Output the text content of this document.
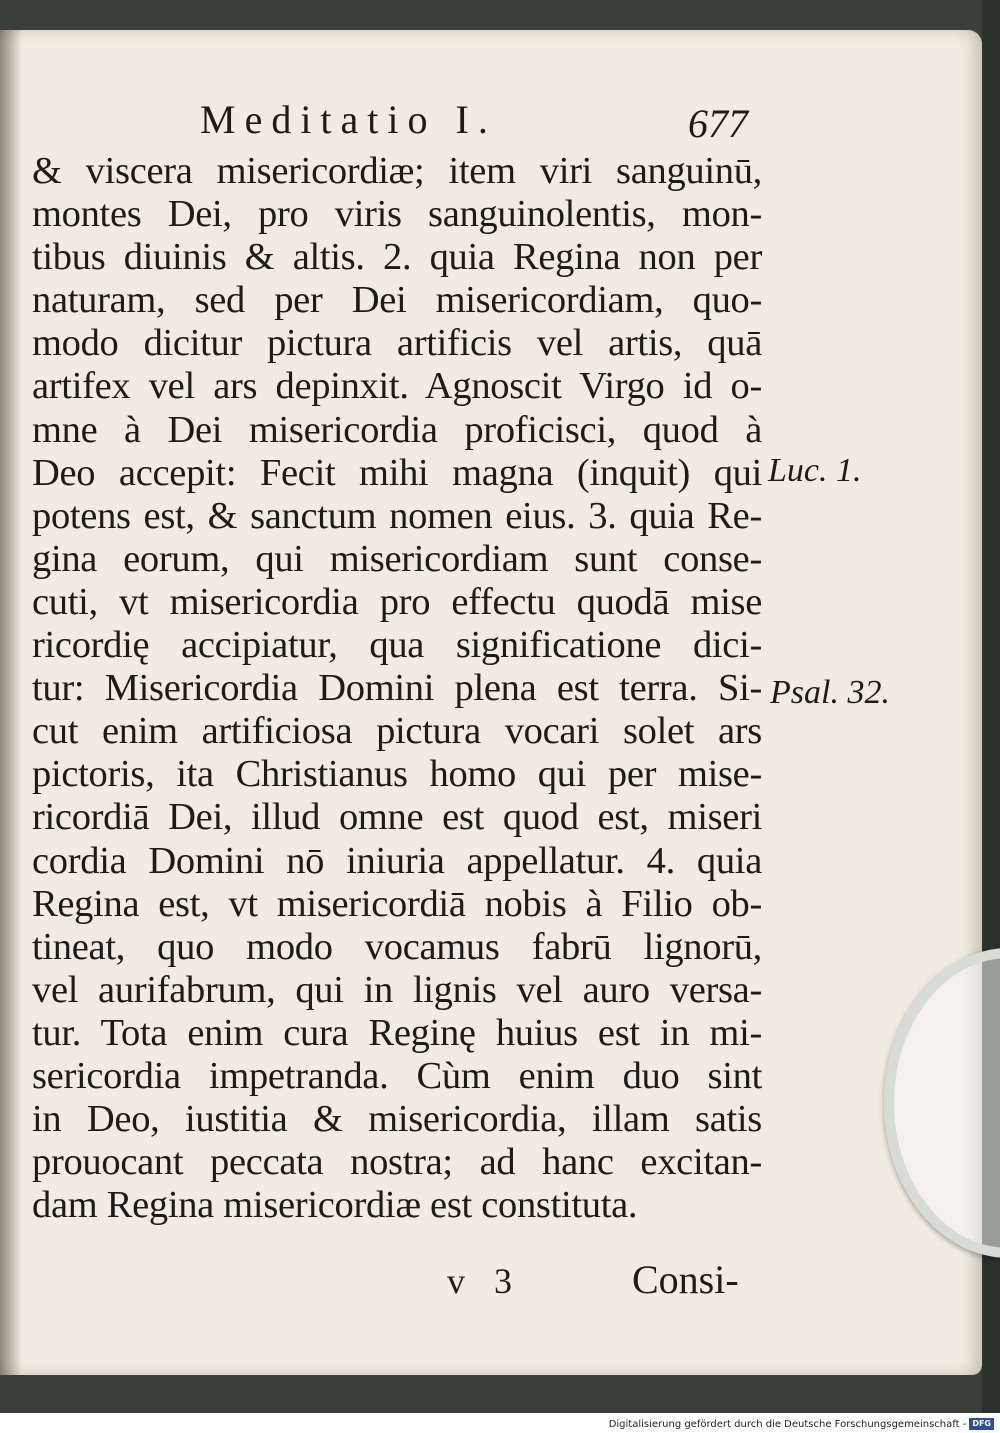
Meditatio I.	677
& viscera misericordiæ; item viri sanguinū,
montes Dei, pro viris sanguinolentis, mon-
tibus diuinis & altis. 2. quia Regina non per
naturam, sed per Dei misericordiam, quo-
modo dicitur pictura artificis vel artis, quā
artifex vel ars depinxit. Agnoscit Virgo id o-
mne à Dei misericordia proficisci, quod à
Deo accepit: Fecit mihi magna (inquit) qui
potens est, & sanctum nomen eius. 3. quia Re-
gina eorum, qui misericordiam sunt conse-
cuti, vt misericordia pro effectu quodā mise
ricordię accipiatur, qua significatione dici-
tur: Misericordia Domini plena est terra. Si-
cut enim artificiosa pictura vocari solet ars
pictoris, ita Christianus homo qui per mise-
ricordiā Dei, illud omne est quod est, miseri
cordia Domini nō iniuria appellatur. 4. quia
Regina est, vt misericordiā nobis à Filio ob-
tineat, quo modo vocamus fabrū lignorū,
vel aurifabrum, qui in lignis vel auro versa-
tur. Tota enim cura Reginę huius est in mi-
sericordia impetranda. Cùm enim duo sint
in Deo, iustitia & misericordia, illam satis
prouocant peccata nostra; ad hanc excitan-
dam Regina misericordiæ est constituta.
Luc. 1.
Psal. 32.
v 3	Consi-
Digitalisierung gefördert durch die Deutsche Forschungsgemeinschaft - DFG
